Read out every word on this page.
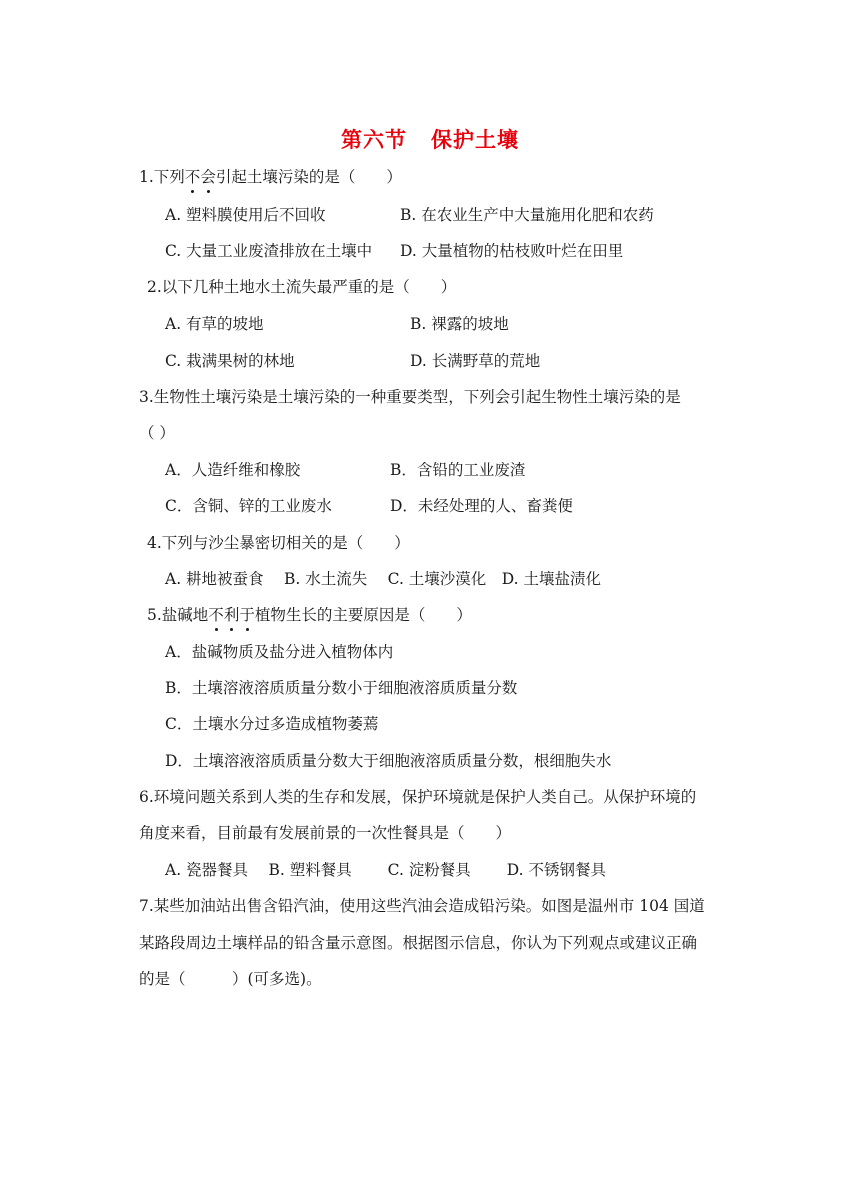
第六节 保护土壤
1.下列不会引起土壤污染的是（　　）
A. 塑料膜使用后不回收	B. 在农业生产中大量施用化肥和农药
C. 大量工业废渣排放在土壤中 D. 大量植物的枯枝败叶烂在田里
2.以下几种土地水土流失最严重的是（　　）
A. 有草的坡地	B. 裸露的坡地
C. 栽满果树的林地	D. 长满野草的荒地
3.生物性土壤污染是土壤污染的一种重要类型，下列会引起生物性土壤污染的是
（ ）
A．人造纤维和橡胶	B．含铅的工业废渣
C．含铜、锌的工业废水	D．未经处理的人、畜粪便
4.下列与沙尘暴密切相关的是（　　）
A. 耕地被蚕食　 B. 水土流失　 C. 土壤沙漠化　D. 土壤盐渍化
5.盐碱地不利于植物生长的主要原因是（　　）
A．盐碱物质及盐分进入植物体内
B．土壤溶液溶质质量分数小于细胞液溶质质量分数
C．土壤水分过多造成植物萎蔫
D．土壤溶液溶质质量分数大于细胞液溶质质量分数，根细胞失水
6.环境问题关系到人类的生存和发展，保护环境就是保护人类自己。从保护环境的
角度来看，目前最有发展前景的一次性餐具是（　　）
A. 瓷器餐具　 B. 塑料餐具　　 C. 淀粉餐具　　 D. 不锈钢餐具
7.某些加油站出售含铅汽油，使用这些汽油会造成铅污染。如图是温州市 104 国道
某路段周边土壤样品的铅含量示意图。根据图示信息，你认为下列观点或建议正确
的是（　　　）(可多选)。
